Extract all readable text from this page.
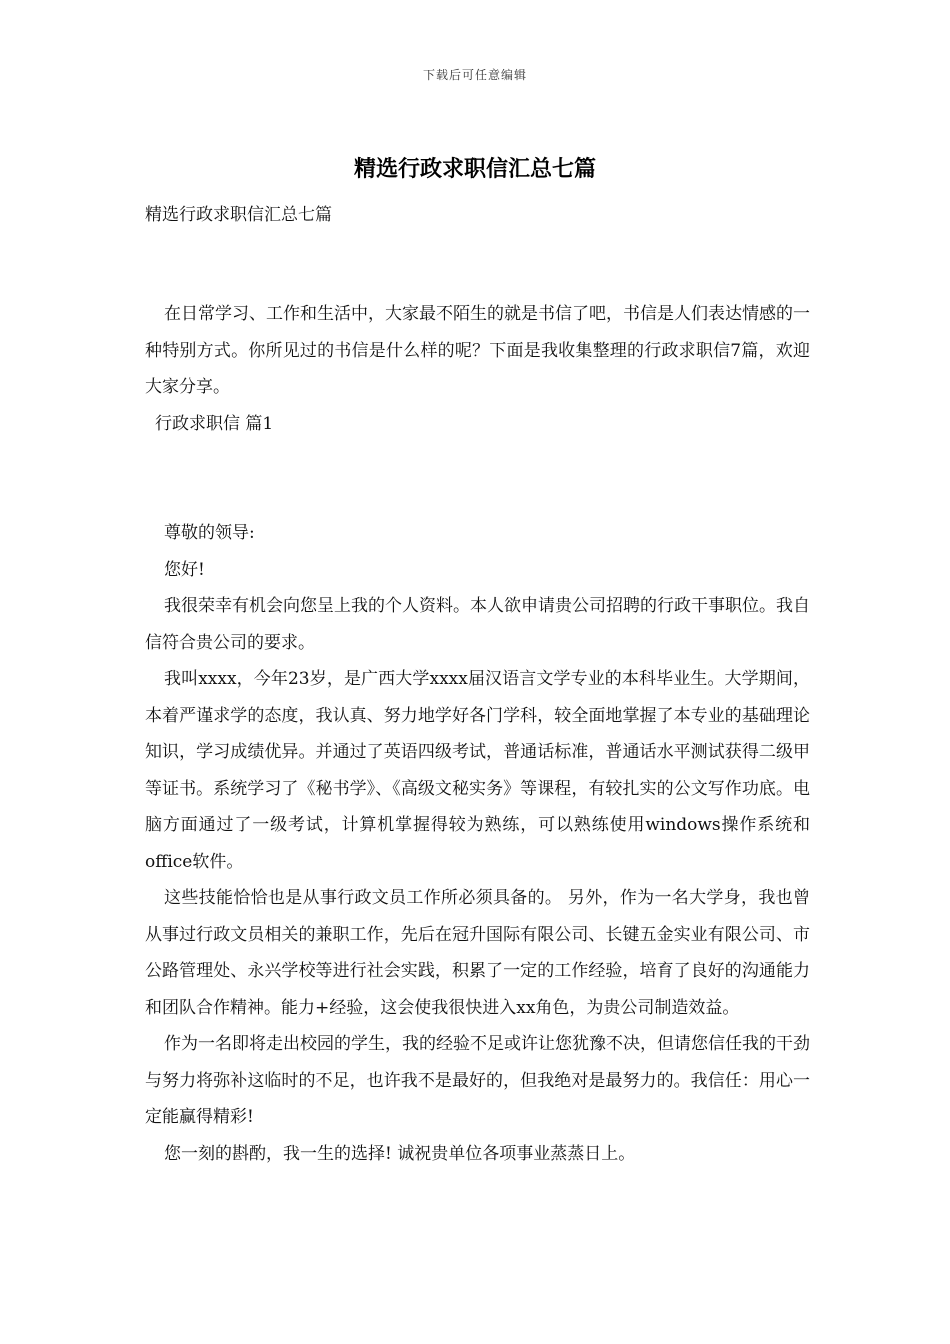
下载后可任意编辑
精选行政求职信汇总七篇
精选行政求职信汇总七篇

在日常学习、工作和生活中，大家最不陌生的就是书信了吧，书信是人们表达情感的一种特别方式。你所见过的书信是什么样的呢？下面是我收集整理的行政求职信7篇，欢迎大家分享。

行政求职信 篇1

尊敬的领导:

您好!

我很荣幸有机会向您呈上我的个人资料。本人欲申请贵公司招聘的行政干事职位。我自信符合贵公司的要求。

我叫xxxx，今年23岁，是广西大学xxxx届汉语言文学专业的本科毕业生。大学期间，本着严谨求学的态度，我认真、努力地学好各门学科，较全面地掌握了本专业的基础理论知识，学习成绩优异。并通过了英语四级考试，普通话标准，普通话水平测试获得二级甲等证书。系统学习了《秘书学》、《高级文秘实务》等课程，有较扎实的公文写作功底。电脑方面通过了一级考试，计算机掌握得较为熟练，可以熟练使用windows操作系统和office软件。

这些技能恰恰也是从事行政文员工作所必须具备的。 另外，作为一名大学身，我也曾从事过行政文员相关的兼职工作，先后在冠升国际有限公司、长键五金实业有限公司、市公路管理处、永兴学校等进行社会实践，积累了一定的工作经验，培育了良好的沟通能力和团队合作精神。能力+经验，这会使我很快进入xx角色，为贵公司制造效益。

作为一名即将走出校园的学生，我的经验不足或许让您犹豫不决，但请您信任我的干劲与努力将弥补这临时的不足，也许我不是最好的，但我绝对是最努力的。我信任：用心一定能赢得精彩!

您一刻的斟酌，我一生的选择! 诚祝贵单位各项事业蒸蒸日上。
